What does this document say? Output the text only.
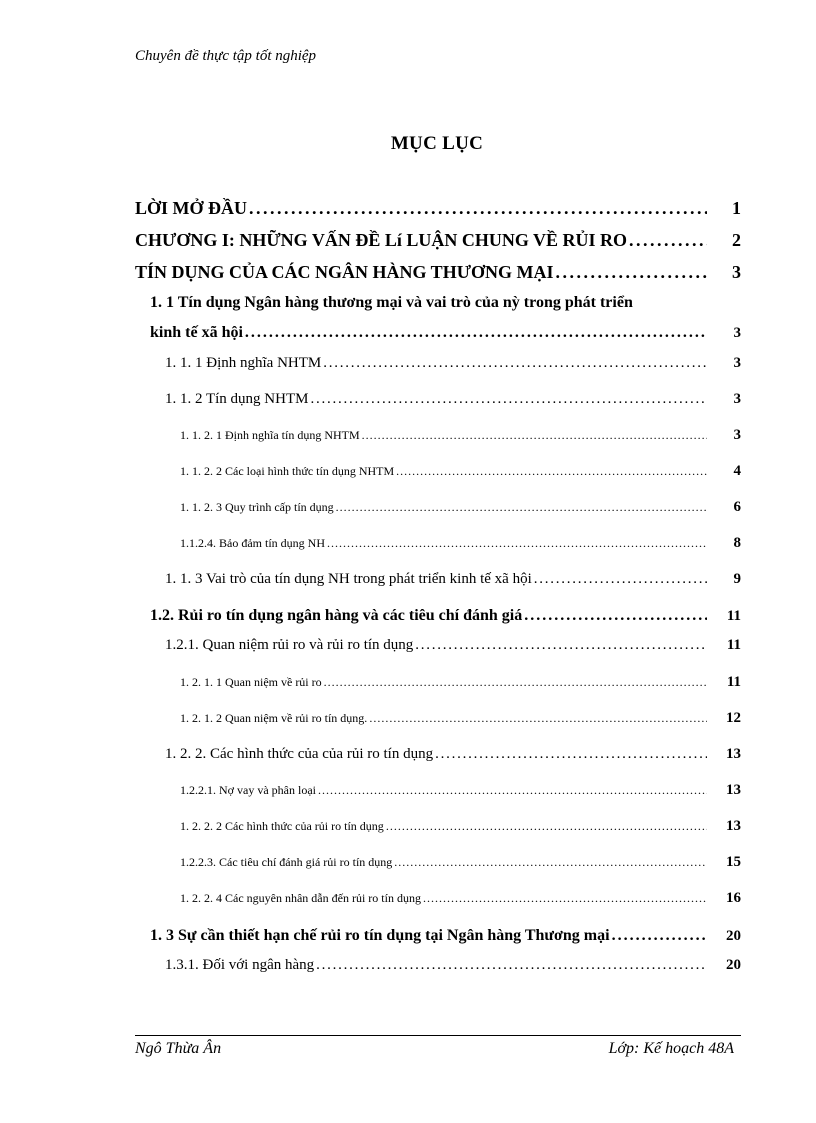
Chuyên đề thực tập tốt nghiệp
MỤC LỤC
LỜI MỞ ĐẦU . . .	1
CHƯƠNG I: NHỮNG VẤN ĐỀ Lí LUẬN CHUNG VỀ RỦI RO . . .	2
TÍN DỤNG CỦA CÁC NGÂN HÀNG THƯƠNG MẠI . . .	3
1. 1 Tín dụng Ngân hàng thương mại và vai trò của nỳ trong phát triển
kinh tế xã hội . . .	3
1. 1. 1 Định nghĩa NHTM . . .	3
1. 1. 2 Tín dụng NHTM . . .	3
1. 1. 2. 1 Định nghĩa tín dụng NHTM . . .	3
1. 1. 2. 2 Các loại hình thức tín dụng NHTM . . .	4
1. 1. 2. 3 Quy trình cấp tín dụng . . .	6
1.1.2.4. Bảo đảm tín dụng NH . . .	8
1. 1. 3 Vai trò của tín dụng NH trong phát triển kinh tế xã hội . . .	9
1.2. Rủi ro tín dụng ngân hàng và các tiêu chí đánh giá . . .	11
1.2.1. Quan niệm rủi ro và rủi ro tín dụng . . .	11
1. 2. 1. 1 Quan niệm về rủi ro . . .	11
1. 2. 1. 2 Quan niệm về rủi ro tín dụng. . . .	12
1. 2. 2. Các hình thức của của rủi ro tín dụng . . .	13
1.2.2.1. Nợ vay và phân loại . . .	13
1. 2. 2. 2 Các hình thức của rủi ro tín dụng . . .	13
1.2.2.3. Các tiêu chí đánh giá rủi ro tín dụng . . .	15
1. 2. 2. 4 Các nguyên nhân dẫn đến rủi ro tín dụng . . .	16
1. 3 Sự cần thiết hạn chế rủi ro tín dụng tại Ngân hàng Thương mại . . .	20
1.3.1. Đối với ngân hàng . . .	20
Ngô Thừa Ân	Lớp: Kế hoạch 48A
